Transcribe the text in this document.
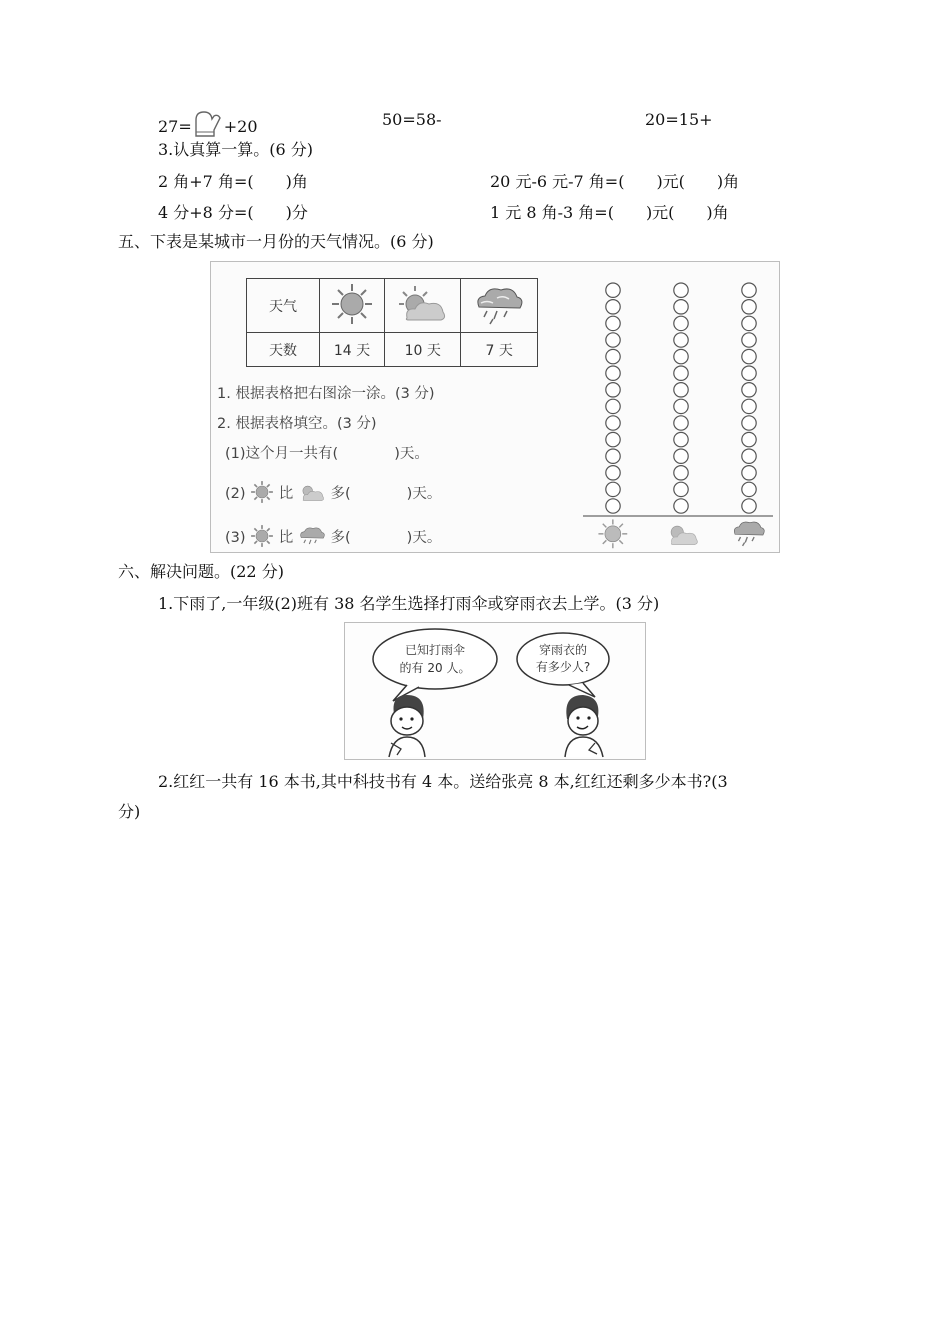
27= +20	50=58-	20=15+
3.认真算一算。(6 分)
2 角+7 角=(　　)角	20 元-6 元-7 角=(　　)元(　　)角
4 分+8 分=(　　)分	1 元 8 角-3 角=(　　)元(　　)角
五、下表是某城市一月份的天气情况。(6 分)
天气			
天数	14 天	10 天	7 天
1. 根据表格把右图涂一涂。(3 分)
2. 根据表格填空。(3 分)
(1)这个月一共有(	)天。
(2) 比	多(	)天。
(3) 比	多(	)天。
六、解决问题。(22 分)
1.下雨了,一年级(2)班有 38 名学生选择打雨伞或穿雨衣去上学。(3 分)
已知打雨伞
的有 20 人。
穿雨衣的
有多少人?
2.红红一共有 16 本书,其中科技书有 4 本。送给张亮 8 本,红红还剩多少本书?(3
分)
